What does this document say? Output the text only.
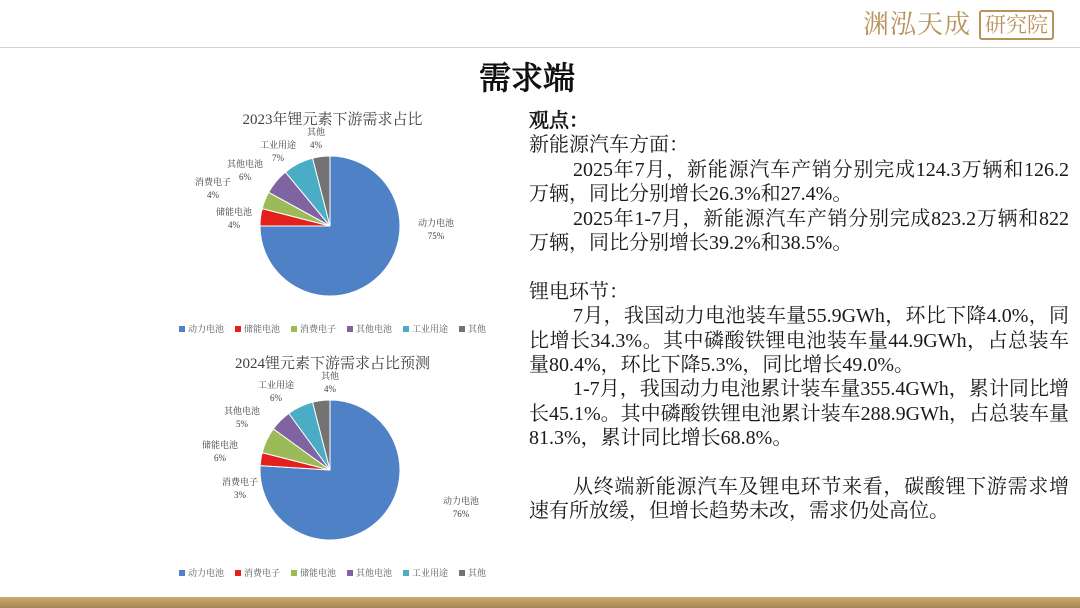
渊泓天成 研究院
需求端
2023年锂元素下游需求占比
动力电池
75%
储能电池
4%
消费电子
4%
其他电池
6%
工业用途
7%
其他
4%
动力电池 储能电池 消费电子 其他电池 工业用途 其他
2024锂元素下游需求占比预测
动力电池
76%
消费电子
3%
储能电池
6%
其他电池
5%
工业用途
6%
其他
4%
动力电池 消费电子 储能电池 其他电池 工业用途 其他

观点：

新能源汽车方面：

2025年7月，新能源汽车产销分别完成124.3万辆和126.2万辆，同比分别增长26.3%和27.4%。

2025年1-7月，新能源汽车产销分别完成823.2万辆和822万辆，同比分别增长39.2%和38.5%。

锂电环节：

7月，我国动力电池装车量55.9GWh，环比下降4.0%，同比增长34.3%。其中磷酸铁锂电池装车量44.9GWh，占总装车量80.4%，环比下降5.3%，同比增长49.0%。

1-7月，我国动力电池累计装车量355.4GWh，累计同比增长45.1%。其中磷酸铁锂电池累计装车288.9GWh，占总装车量81.3%，累计同比增长68.8%。

从终端新能源汽车及锂电环节来看，碳酸锂下游需求增速有所放缓，但增长趋势未改，需求仍处高位。
